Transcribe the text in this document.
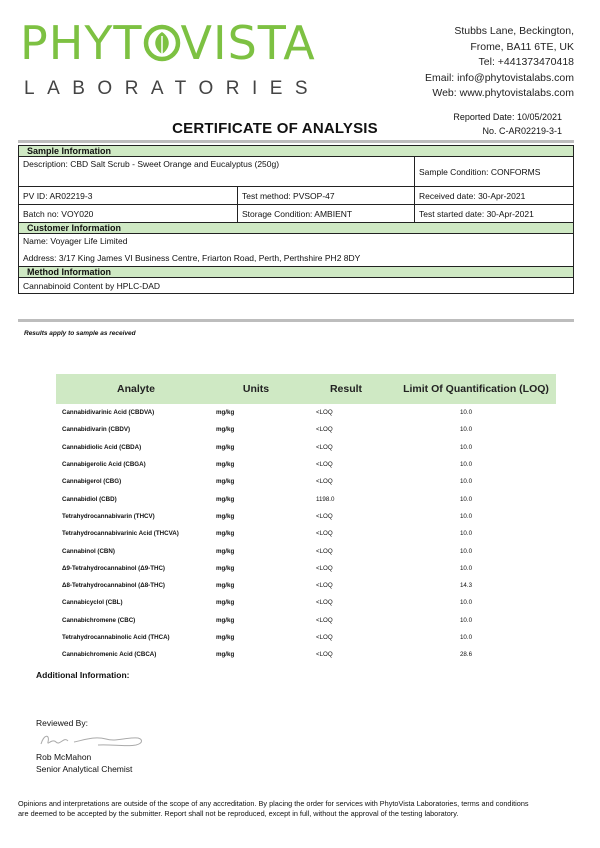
PHYT VISTA
LABORATORIES
Stubbs Lane, Beckington,
Frome, BA11 6TE, UK
Tel: +441373470418
Email: info@phytovistalabs.com
Web: www.phytovistalabs.com
Reported Date: 10/05/2021
No. C-AR02219-3-1
CERTIFICATE OF ANALYSIS
Sample Information		
Description: CBD Salt Scrub - Sweet Orange and Eucalyptus (250g)		Sample Condition: CONFORMS
PV ID: AR02219-3	Test method: PVSOP-47	Received date: 30-Apr-2021
Batch no: VOY020	Storage Condition: AMBIENT	Test started date: 30-Apr-2021
Customer Information		

Name: Voyager Life Limited
Address: 3/17 King James VI Business Centre, Friarton Road, Perth, Perthshire PH2 8DY		

Method Information		
Cannabinoid Content by HPLC-DAD		
Results apply to sample as received
Analyte	Units	Result	Limit Of Quantification (LOQ)
Cannabidivarinic Acid (CBDVA)	mg/kg	<LOQ	10.0
Cannabidivarin (CBDV)	mg/kg	<LOQ	10.0
Cannabidiolic Acid (CBDA)	mg/kg	<LOQ	10.0
Cannabigerolic Acid (CBGA)	mg/kg	<LOQ	10.0
Cannabigerol (CBG)	mg/kg	<LOQ	10.0
Cannabidiol (CBD)	mg/kg	1198.0	10.0
Tetrahydrocannabivarin (THCV)	mg/kg	<LOQ	10.0
Tetrahydrocannabivarinic Acid (THCVA)	mg/kg	<LOQ	10.0
Cannabinol (CBN)	mg/kg	<LOQ	10.0
Δ9-Tetrahydrocannabinol (Δ9-THC)	mg/kg	<LOQ	10.0
Δ8-Tetrahydrocannabinol (Δ8-THC)	mg/kg	<LOQ	14.3
Cannabicyclol (CBL)	mg/kg	<LOQ	10.0
Cannabichromene (CBC)	mg/kg	<LOQ	10.0
Tetrahydrocannabinolic Acid (THCA)	mg/kg	<LOQ	10.0
Cannabichromenic Acid (CBCA)	mg/kg	<LOQ	28.6
Additional Information:
Reviewed By:
Rob McMahon
Senior Analytical Chemist
Opinions and interpretations are outside of the scope of any accreditation. By placing the order for services with PhytoVista Laboratories, terms and conditions are deemed to be accepted by the submitter. Report shall not be reproduced, except in full, without the approval of the testing laboratory.
